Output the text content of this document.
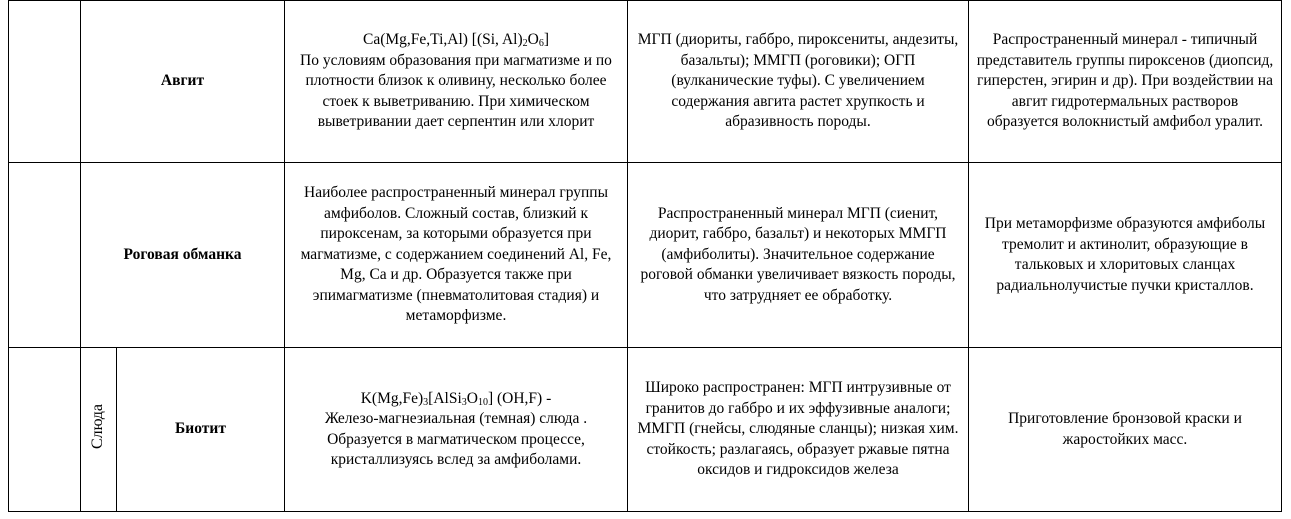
	Авгит		Ca(Mg,Fe,Ti,Al) [(Si, $Al)_2O_6$]
По условиям образования при магматизме и по плотности близок к оливину, несколько более стоек к выветриванию. При химическом выветривании дает серпентин или хлорит	МГП (диориты, габбро, пироксениты, андезиты, базальты); ММГП (роговики); ОГП (вулканические туфы). С увеличением содержания авгита растет хрупкость и абразивность породы.	Распространенный минерал - типичный представитель группы пироксенов (диопсид, гиперстен, эгирин и др). При воздействии на авгит гидротермальных растворов образуется волокнистый амфибол уралит.
	Роговая обманка		Наиболее распространенный минерал группы амфиболов. Сложный состав, близкий к пироксенам, за которыми образуется при магматизме, с содержанием соединений Al, Fe, Mg, Ca и др. Образуется также при эпимагматизме (пневматолитовая стадия) и метаморфизме.	Распространенный минерал МГП (сиенит, диорит, габбро, базальт) и некоторых ММГП (амфиболиты). Значительное содержание роговой обманки увеличивает вязкость породы, что затрудняет ее обработку.	При метаморфизме образуются амфиболы тремолит и актинолит, образующие в тальковых и хлоритовых сланцах радиальнолучистые пучки кристаллов.
	Слюда	Биотит	$K(Mg,Fe)_3[AlSi_3O_{10}]$ (OH,F) -
Железо-магнезиальная (темная) слюда . Образуется в магматическом процессе, кристаллизуясь вслед за амфиболами.	Широко распространен: МГП интрузивные от гранитов до габбро и их эффузивные аналоги; ММГП (гнейсы, слюдяные сланцы); низкая хим. стойкость; разлагаясь, образует ржавые пятна оксидов и гидроксидов железа	Приготовление бронзовой краски и жаростойких масс.
